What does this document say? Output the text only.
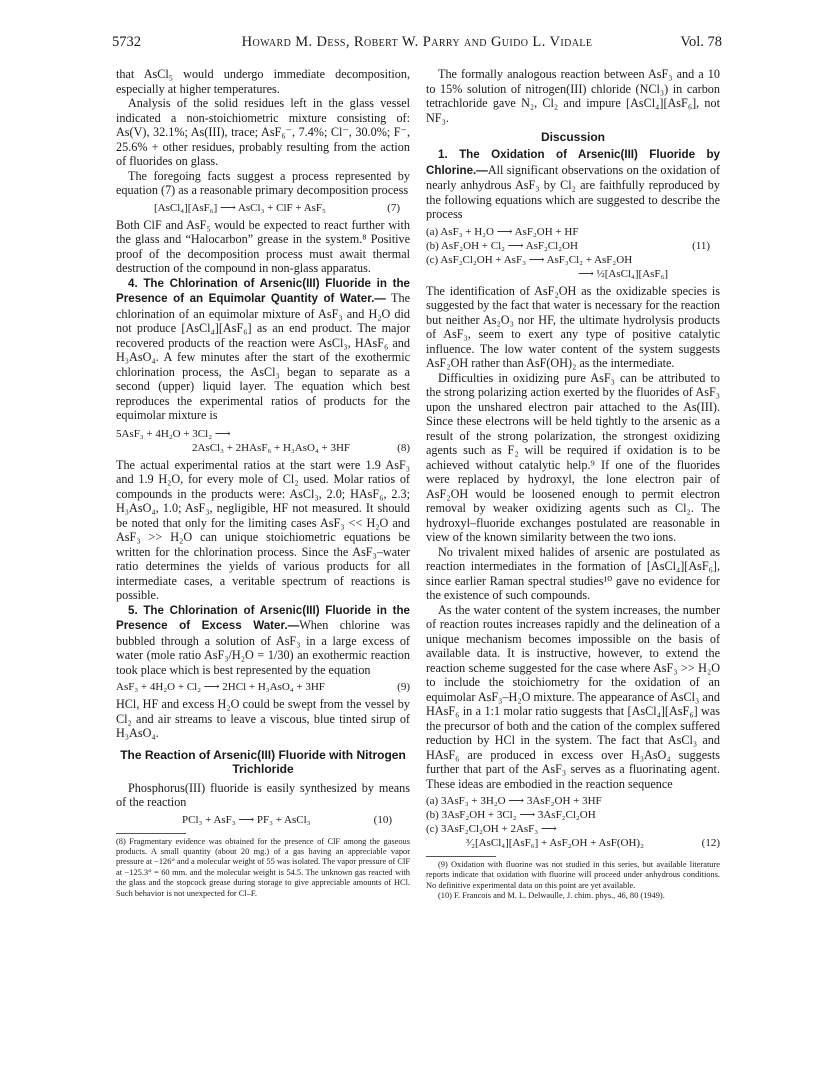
5732	Howard M. Dess, Robert W. Parry and Guido L. Vidale	Vol. 78

that AsCl₅ would undergo immediate decomposition, especially at higher temperatures.

Analysis of the solid residues left in the glass vessel indicated a non-stoichiometric mixture consisting of: As(V), 32.1%; As(III), trace; AsF₆⁻, 7.4%; Cl⁻, 30.0%; F⁻, 25.6% + other residues, probably resulting from the action of fluorides on glass.

The foregoing facts suggest a process represented by equation (7) as a reasonable primary decomposition process

[AsCl₄][AsF₆] ⟶ AsCl₃ + ClF + AsF₅	(7)

Both ClF and AsF₅ would be expected to react further with the glass and “Halocarbon” grease in the system.⁸ Positive proof of the decomposition process must await thermal destruction of the compound in non-glass apparatus.

4. The Chlorination of Arsenic(III) Fluoride in the Presence of an Equimolar Quantity of Water.— The chlorination of an equimolar mixture of AsF₃ and H₂O did not produce [AsCl₄][AsF₆] as an end product. The major recovered products of the reaction were AsCl₃, HAsF₆ and H₃AsO₄. A few minutes after the start of the exothermic chlorination process, the AsCl₃ began to separate as a second (upper) liquid layer. The equation which best reproduces the experimental ratios of products for the equimolar mixture is

5AsF₃ + 4H₂O + 3Cl₂ ⟶
2AsCl₃ + 2HAsF₆ + H₃AsO₄ + 3HF	(8)

The actual experimental ratios at the start were 1.9 AsF₃ and 1.9 H₂O, for every mole of Cl₂ used. Molar ratios of compounds in the products were: AsCl₃, 2.0; HAsF₆, 2.3; H₃AsO₄, 1.0; AsF₃, negligible, HF not measured. It should be noted that only for the limiting cases AsF₃ << H₂O and AsF₃ >> H₂O can unique stoichiometric equations be written for the chlorination process. Since the AsF₃–water ratio determines the yields of various products for all intermediate cases, a veritable spectrum of reactions is possible.

5. The Chlorination of Arsenic(III) Fluoride in the Presence of Excess Water.—When chlorine was bubbled through a solution of AsF₃ in a large excess of water (mole ratio AsF₃/H₂O = 1/30) an exothermic reaction took place which is best represented by the equation

AsF₃ + 4H₂O + Cl₂ ⟶ 2HCl + H₃AsO₄ + 3HF	(9)

HCl, HF and excess H₂O could be swept from the vessel by Cl₂ and air streams to leave a viscous, blue tinted sirup of H₃AsO₄.

The Reaction of Arsenic(III) Fluoride with Nitrogen Trichloride

Phosphorus(III) fluoride is easily synthesized by means of the reaction

PCl₃ + AsF₃ ⟶ PF₃ + AsCl₃	(10)

(8) Fragmentary evidence was obtained for the presence of ClF among the gaseous products. A small quantity (about 20 mg.) of a gas having an appreciable vapor pressure at −126° and a molecular weight of 55 was isolated. The vapor pressure of ClF at −125.3° = 60 mm. and the molecular weight is 54.5. The unknown gas reacted with the glass and the stopcock grease during storage to give appreciable amounts of HCl. Such behavior is not unexpected for Cl–F.

The formally analogous reaction between AsF₃ and a 10 to 15% solution of nitrogen(III) chloride (NCl₃) in carbon tetrachloride gave N₂, Cl₂ and impure [AsCl₄][AsF₆], not NF₃.

Discussion

1. The Oxidation of Arsenic(III) Fluoride by Chlorine.—All significant observations on the oxidation of nearly anhydrous AsF₃ by Cl₂ are faithfully reproduced by the following equations which are suggested to describe the process

(a) AsF₃ + H₂O ⟶ AsF₂OH + HF
(b) AsF₂OH + Cl₂ ⟶ AsF₂Cl₂OH
(c) AsF₂Cl₂OH + AsF₃ ⟶ AsF₃Cl₂ + AsF₂OH
⟶ ½[AsCl₄][AsF₆]
(11)

The identification of AsF₂OH as the oxidizable species is suggested by the fact that water is necessary for the reaction but neither As₂O₃ nor HF, the ultimate hydrolysis products of AsF₃, seem to exert any type of positive catalytic influence. The low water content of the system suggests AsF₂OH rather than AsF(OH)₂ as the intermediate.

Difficulties in oxidizing pure AsF₃ can be attributed to the strong polarizing action exerted by the fluorides of AsF₃ upon the unshared electron pair attached to the As(III). Since these electrons will be held tightly to the arsenic as a result of the strong polarization, the strongest oxidizing agents such as F₂ will be required if oxidation is to be achieved without catalytic help.⁹ If one of the fluorides were replaced by hydroxyl, the lone electron pair of AsF₂OH would be loosened enough to permit electron removal by weaker oxidizing agents such as Cl₂. The hydroxyl–fluoride exchanges postulated are reasonable in view of the known similarity between the two ions.

No trivalent mixed halides of arsenic are postulated as reaction intermediates in the formation of [AsCl₄][AsF₆], since earlier Raman spectral studies¹⁰ gave no evidence for the existence of such compounds.

As the water content of the system increases, the number of reaction routes increases rapidly and the delineation of a unique mechanism becomes impossible on the basis of available data. It is instructive, however, to extend the reaction scheme suggested for the case where AsF₃ >> H₂O to include the stoichiometry for the oxidation of an equimolar AsF₃–H₂O mixture. The appearance of AsCl₃ and HAsF₆ in a 1:1 molar ratio suggests that [AsCl₄][AsF₆] was the precursor of both and the cation of the complex suffered reduction by HCl in the system. The fact that AsCl₃ and HAsF₆ are produced in excess over H₃AsO₄ suggests further that part of the AsF₃ serves as a fluorinating agent. These ideas are embodied in the reaction sequence

(a) 3AsF₃ + 3H₂O ⟶ 3AsF₂OH + 3HF
(b) 3AsF₂OH + 3Cl₂ ⟶ 3AsF₂Cl₂OH
(c) 3AsF₂Cl₂OH + 2AsF₃ ⟶
³⁄₂[AsCl₄][AsF₆] + AsF₂OH + AsF(OH)₂	(12)

(9) Oxidation with fluorine was not studied in this series, but available literature reports indicate that oxidation with fluorine will proceed under anhydrous conditions. No definitive experimental data on this point are yet available.

(10) F. Francois and M. L. Delwaulle, J. chim. phys., 46, 80 (1949).
